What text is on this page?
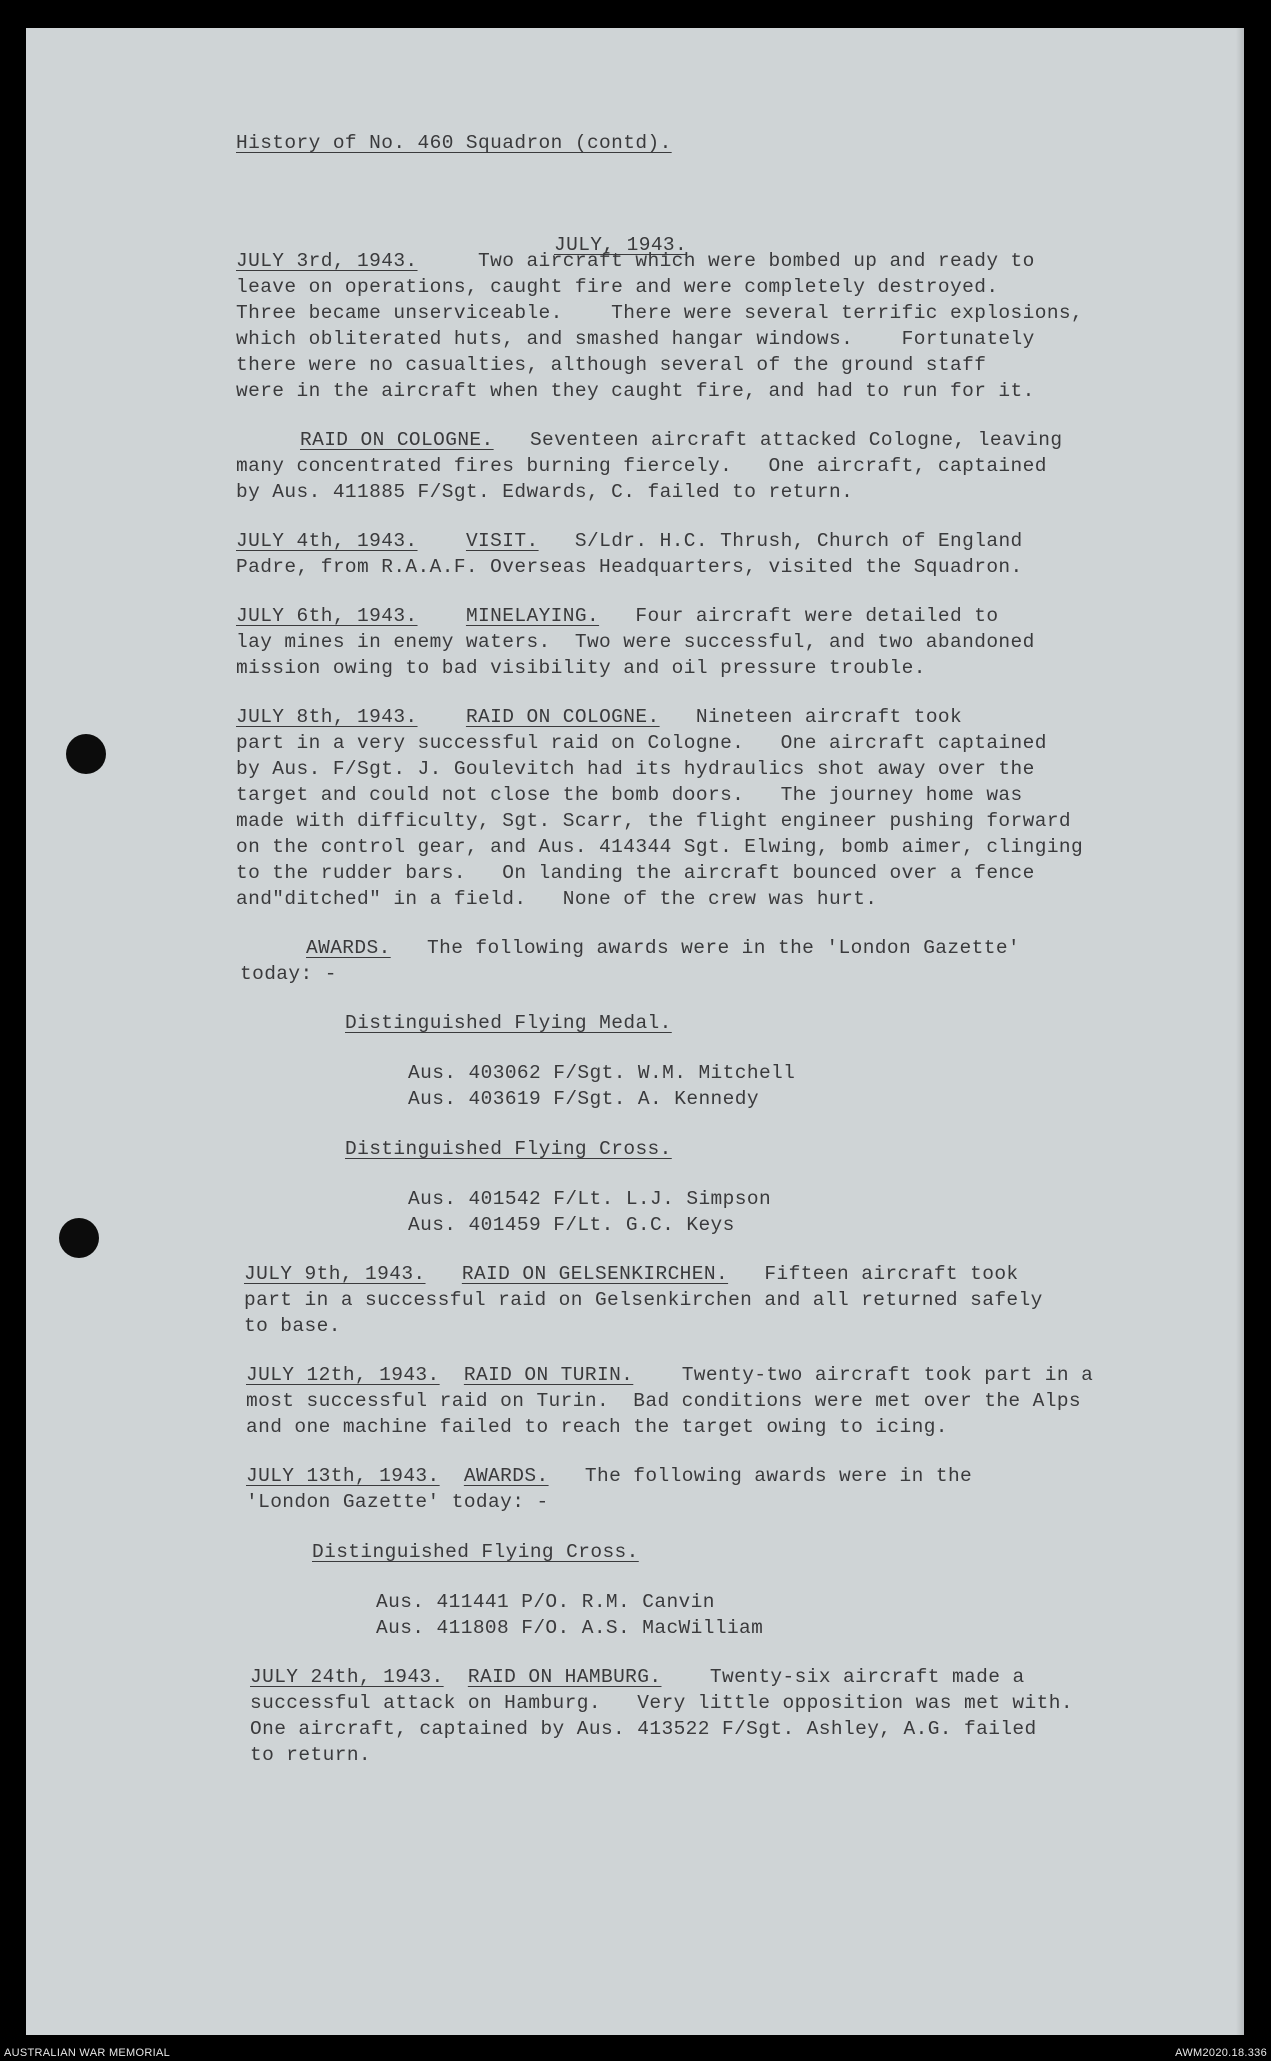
History of No. 460 Squadron (contd).
JULY, 1943.
JULY 3rd, 1943.     Two aircraft which were bombed up and ready to
leave on operations, caught fire and were completely destroyed.
Three became unserviceable.    There were several terrific explosions,
which obliterated huts, and smashed hangar windows.    Fortunately
there were no casualties, although several of the ground staff
were in the aircraft when they caught fire, and had to run for it.
RAID ON COLOGNE.   Seventeen aircraft attacked Cologne, leaving
many concentrated fires burning fiercely.   One aircraft, captained
by Aus. 411885 F/Sgt. Edwards, C. failed to return.
JULY 4th, 1943. VISIT.   S/Ldr. H.C. Thrush, Church of England
Padre, from R.A.A.F. Overseas Headquarters, visited the Squadron.
JULY 6th, 1943. MINELAYING.   Four aircraft were detailed to
lay mines in enemy waters.  Two were successful, and two abandoned
mission owing to bad visibility and oil pressure trouble.
JULY 8th, 1943. RAID ON COLOGNE.   Nineteen aircraft took
part in a very successful raid on Cologne.   One aircraft captained
by Aus. F/Sgt. J. Goulevitch had its hydraulics shot away over the
target and could not close the bomb doors.   The journey home was
made with difficulty, Sgt. Scarr, the flight engineer pushing forward
on the control gear, and Aus. 414344 Sgt. Elwing, bomb aimer, clinging
to the rudder bars.   On landing the aircraft bounced over a fence
and"ditched" in a field.   None of the crew was hurt.
AWARDS.   The following awards were in the 'London Gazette'
today: -
Distinguished Flying Medal.
Aus. 403062 F/Sgt. W.M. Mitchell
Aus. 403619 F/Sgt. A. Kennedy
Distinguished Flying Cross.
Aus. 401542 F/Lt. L.J. Simpson
Aus. 401459 F/Lt. G.C. Keys
JULY 9th, 1943. RAID ON GELSENKIRCHEN.   Fifteen aircraft took
part in a successful raid on Gelsenkirchen and all returned safely
to base.
JULY 12th, 1943. RAID ON TURIN.    Twenty-two aircraft took part in a
most successful raid on Turin.  Bad conditions were met over the Alps
and one machine failed to reach the target owing to icing.
JULY 13th, 1943. AWARDS.   The following awards were in the
'London Gazette' today: -
Distinguished Flying Cross.
Aus. 411441 P/O. R.M. Canvin
Aus. 411808 F/O. A.S. MacWilliam
JULY 24th, 1943. RAID ON HAMBURG.    Twenty-six aircraft made a
successful attack on Hamburg.   Very little opposition was met with.
One aircraft, captained by Aus. 413522 F/Sgt. Ashley, A.G. failed
to return.
AUSTRALIAN WAR MEMORIAL	AWM2020.18.336
